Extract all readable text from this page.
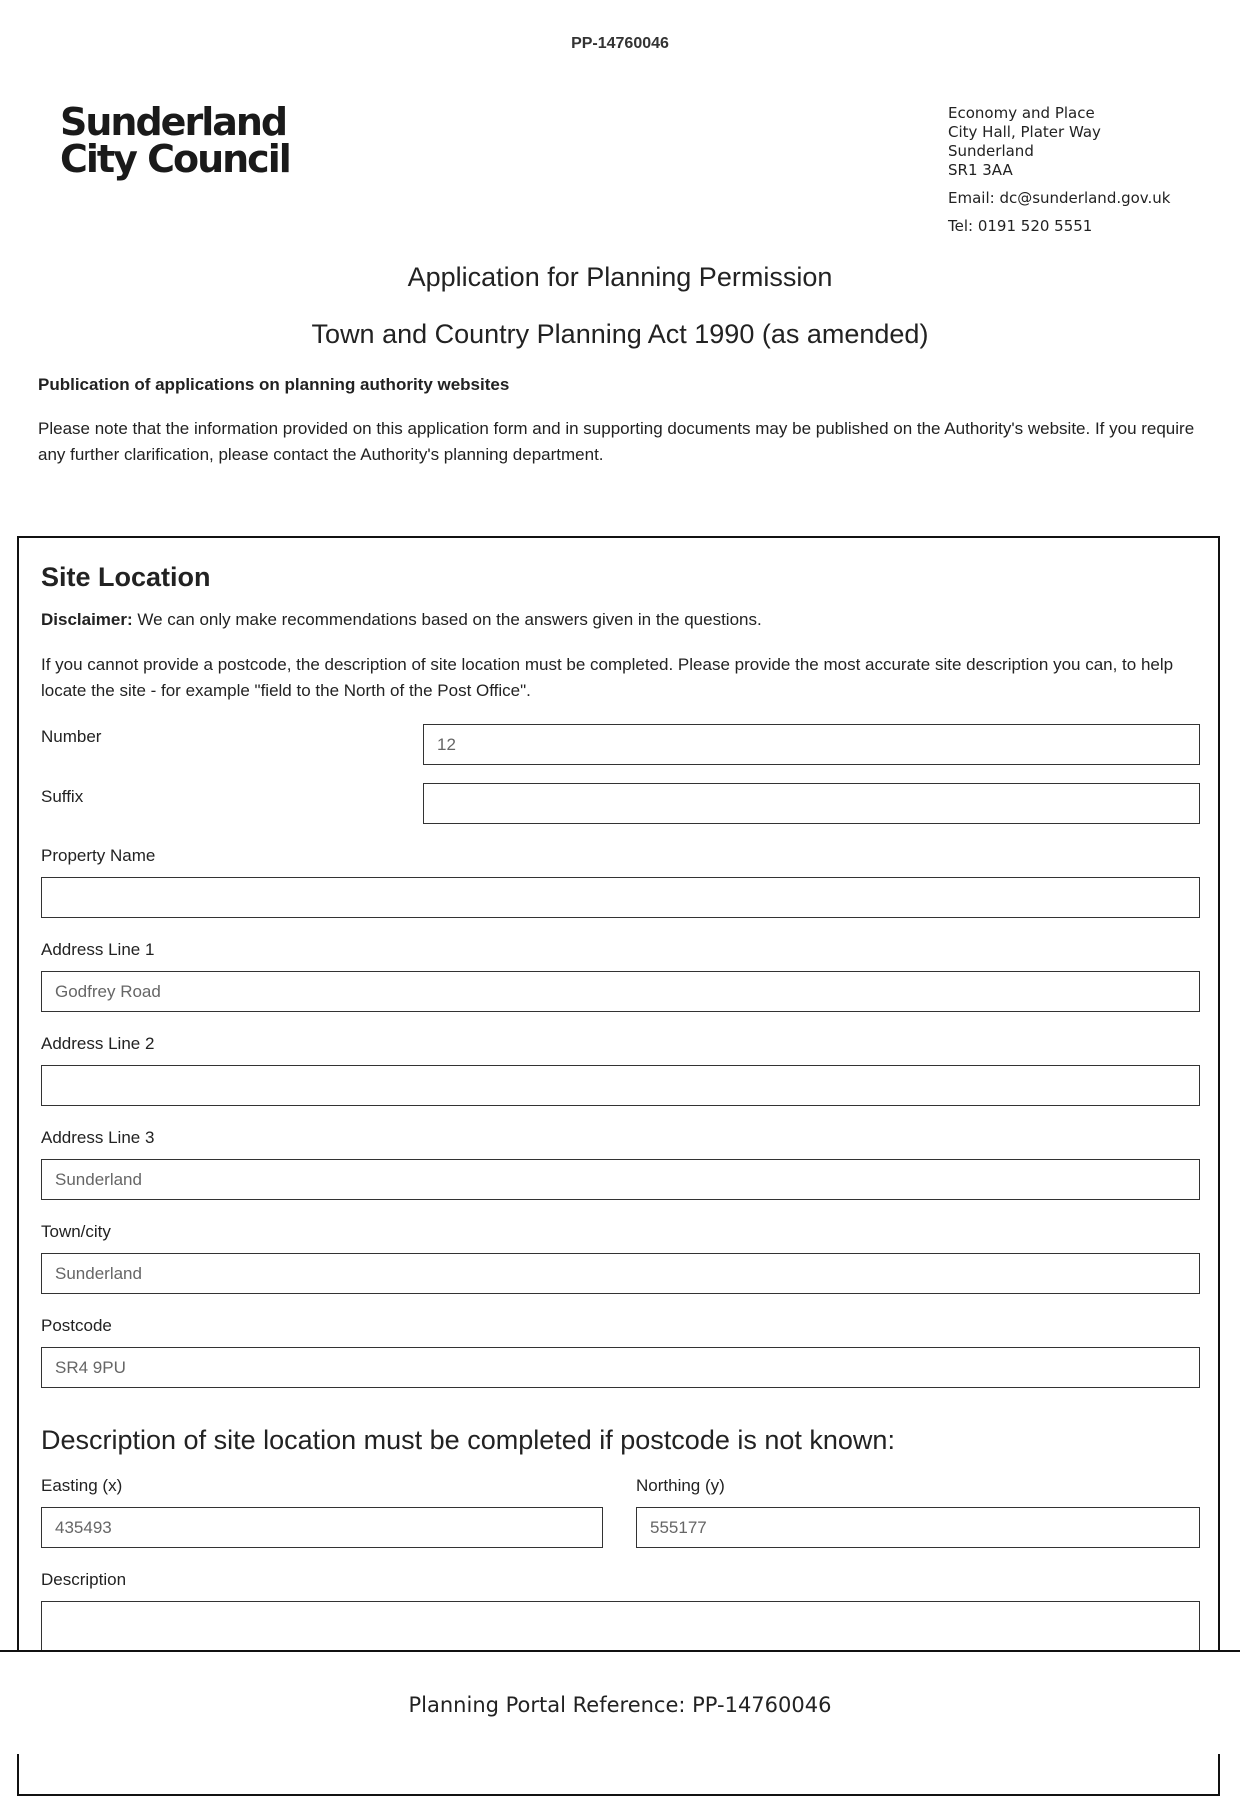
PP-14760046
Sunderland
City Council
Economy and Place
City Hall, Plater Way
Sunderland
SR1 3AA
Email: dc@sunderland.gov.uk
Tel: 0191 520 5551
Application for Planning Permission
Town and Country Planning Act 1990 (as amended)
Publication of applications on planning authority websites
Please note that the information provided on this application form and in supporting documents may be published on the Authority's website. If you require any further clarification, please contact the Authority's planning department.
Site Location
Disclaimer: We can only make recommendations based on the answers given in the questions.
If you cannot provide a postcode, the description of site location must be completed. Please provide the most accurate site description you can, to help locate the site - for example "field to the North of the Post Office".
Number	12
Suffix
Property Name
Address Line 1
Godfrey Road
Address Line 2
Address Line 3
Sunderland
Town/city
Sunderland
Postcode
SR4 9PU
Description of site location must be completed if postcode is not known:
Easting (x)
435493
Northing (y)
555177
Description
Planning Portal Reference: PP-14760046
